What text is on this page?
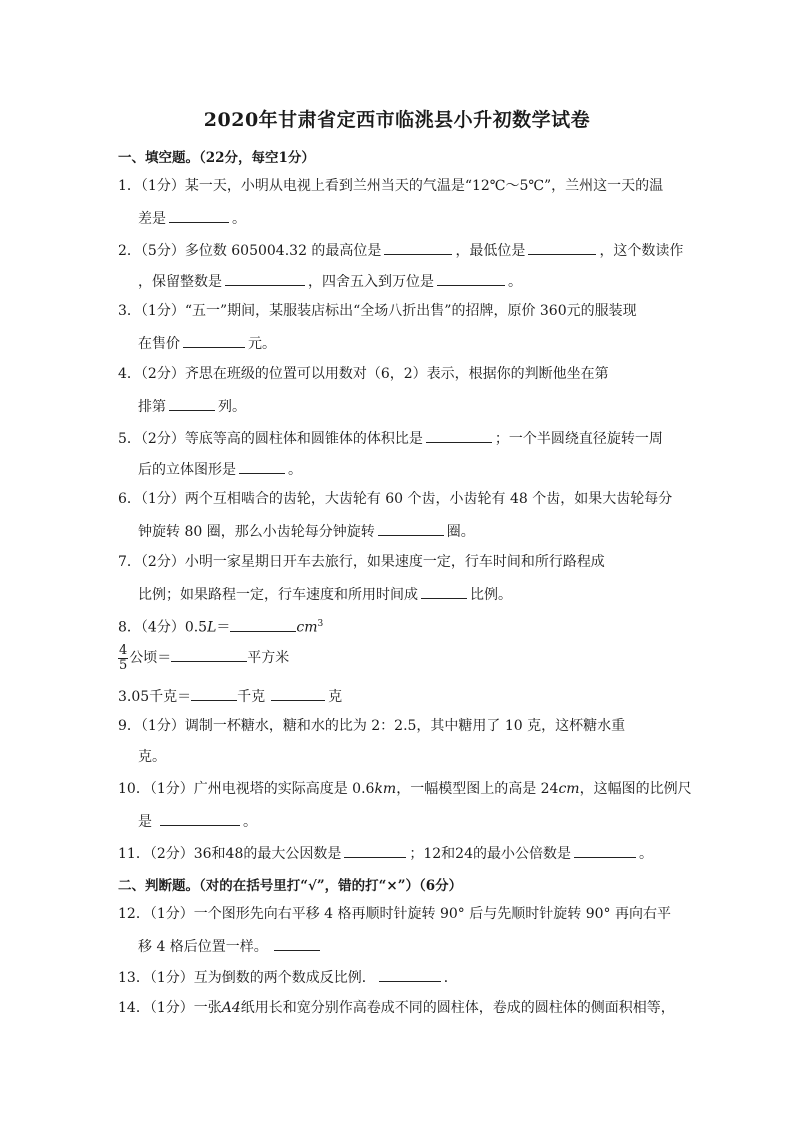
2020年甘肃省定西市临洮县小升初数学试卷
一、填空题。（22分，每空1分）
1．（1分）某一天，小明从电视上看到兰州当天的气温是“12℃～5℃”，兰州这一天的温
差是	。
2．（5分）多位数 605004.32 的最高位是	，最低位是	，这个数读作
，保留整数是	，四舍五入到万位是	。
3．（1分）“五一”期间，某服装店标出“全场八折出售”的招牌，原价 360元的服装现
在售价	元。
4．（2分）齐思在班级的位置可以用数对（6，2）表示，根据你的判断他坐在第
排第	列。
5．（2分）等底等高的圆柱体和圆锥体的体积比是	；一个半圆绕直径旋转一周
后的立体图形是	。
6．（1分）两个互相啮合的齿轮，大齿轮有 60 个齿，小齿轮有 48 个齿，如果大齿轮每分
钟旋转 80 圈，那么小齿轮每分钟旋转	圈。
7．（2分）小明一家星期日开车去旅行，如果速度一定，行车时间和所行路程成
比例；如果路程一定，行车速度和所用时间成	比例。
8．（4分）0.5L＝	$cm^3$
$\frac{4}{5}$ 公顷＝	平方米
3.05千克＝	千克	克
9．（1分）调制一杯糖水，糖和水的比为 2：2.5，其中糖用了 10 克，这杯糖水重
克。
10．（1分）广州电视塔的实际高度是 0.6km，一幅模型图上的高是 24cm，这幅图的比例尺
是	。
11．（2分）36和48的最大公因数是	；12和24的最小公倍数是	。
二、判断题。（对的在括号里打“√”，错的打“×”）（6分）
12．（1分）一个图形先向右平移 4 格再顺时针旋转 90° 后与先顺时针旋转 90° 再向右平
移 4 格后位置一样。
13．（1分）互为倒数的两个数成反比例．	．
14．（1分）一张A4纸用长和宽分别作高卷成不同的圆柱体，卷成的圆柱体的侧面积相等，
